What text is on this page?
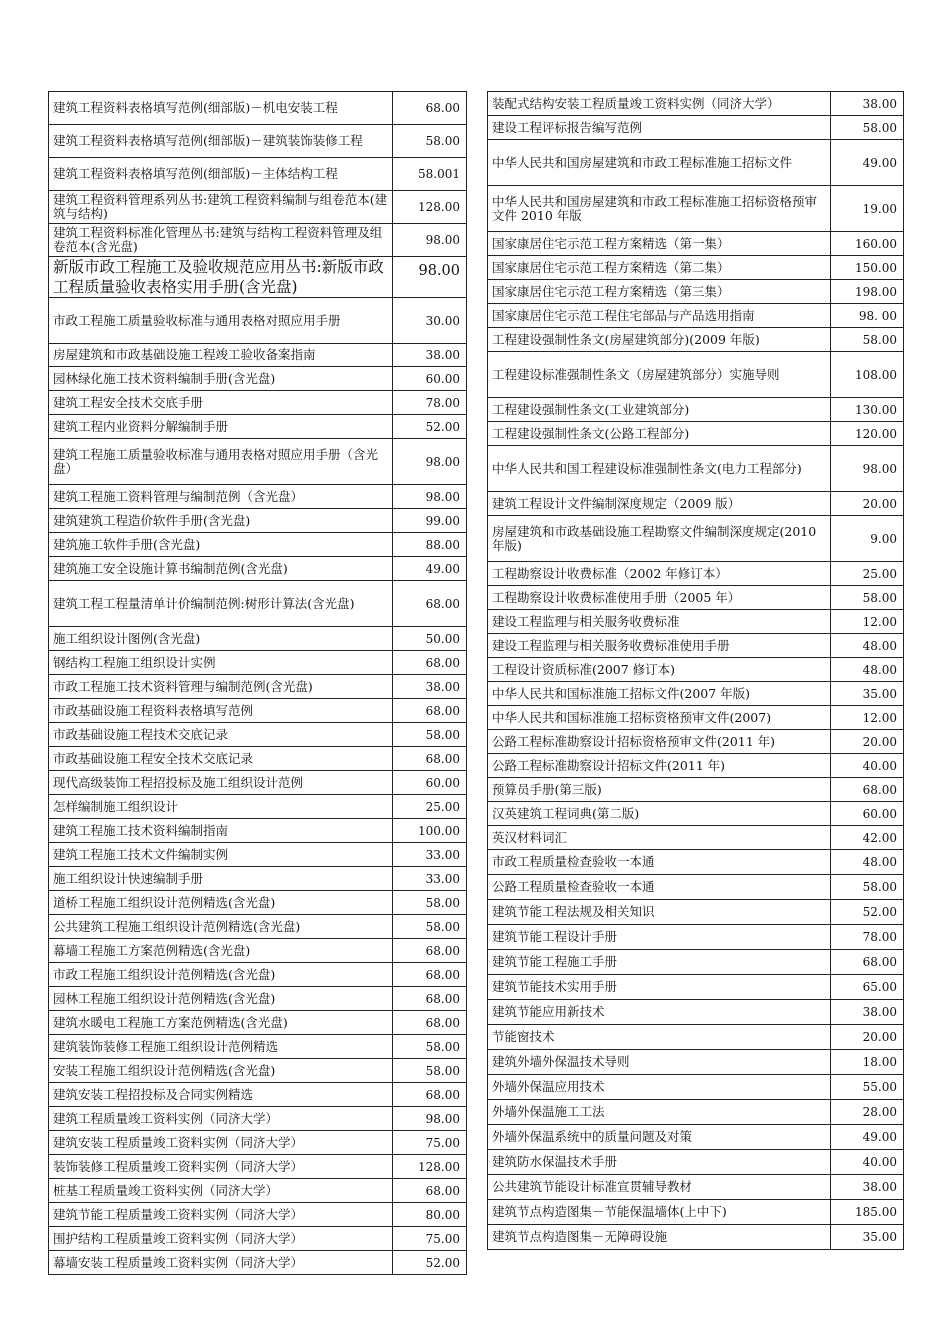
建筑工程资料表格填写范例(细部版)－机电安装工程	68.00
建筑工程资料表格填写范例(细部版)－建筑装饰装修工程	58.00
建筑工程资料表格填写范例(细部版)－主体结构工程	58.001
建筑工程资料管理系列丛书:建筑工程资料编制与组卷范本(建筑与结构)	128.00
建筑工程资料标准化管理丛书:建筑与结构工程资料管理及组卷范本(含光盘)	98.00
新版市政工程施工及验收规范应用丛书:新版市政工程质量验收表格实用手册(含光盘)	98.00
市政工程施工质量验收标准与通用表格对照应用手册	30.00
房屋建筑和市政基础设施工程竣工验收备案指南	38.00
园林绿化施工技术资料编制手册(含光盘)	60.00
建筑工程安全技术交底手册	78.00
建筑工程内业资料分解编制手册	52.00
建筑工程施工质量验收标准与通用表格对照应用手册（含光盘）	98.00
建筑工程施工资料管理与编制范例（含光盘）	98.00
建筑建筑工程造价软件手册(含光盘)	99.00
建筑施工软件手册(含光盘)	88.00
建筑施工安全设施计算书编制范例(含光盘)	49.00
建筑工程工程量清单计价编制范例:树形计算法(含光盘)	68.00
施工组织设计图例(含光盘)	50.00
钢结构工程施工组织设计实例	68.00
市政工程施工技术资料管理与编制范例(含光盘)	38.00
市政基础设施工程资料表格填写范例	68.00
市政基础设施工程技术交底记录	58.00
市政基础设施工程安全技术交底记录	68.00
现代高级装饰工程招投标及施工组织设计范例	60.00
怎样编制施工组织设计	25.00
建筑工程施工技术资料编制指南	100.00
建筑工程施工技术文件编制实例	33.00
施工组织设计快速编制手册	33.00
道桥工程施工组织设计范例精选(含光盘)	58.00
公共建筑工程施工组织设计范例精选(含光盘)	58.00
幕墙工程施工方案范例精选(含光盘)	68.00
市政工程施工组织设计范例精选(含光盘)	68.00
园林工程施工组织设计范例精选(含光盘)	68.00
建筑水暖电工程施工方案范例精选(含光盘)	68.00
建筑装饰装修工程施工组织设计范例精选	58.00
安装工程施工组织设计范例精选(含光盘)	58.00
建筑安装工程招投标及合同实例精选	68.00
建筑工程质量竣工资料实例（同济大学）	98.00
建筑安装工程质量竣工资料实例（同济大学）	75.00
装饰装修工程质量竣工资料实例（同济大学）	128.00
桩基工程质量竣工资料实例（同济大学）	68.00
建筑节能工程质量竣工资料实例（同济大学）	80.00
围护结构工程质量竣工资料实例（同济大学）	75.00
幕墙安装工程质量竣工资料实例（同济大学）	52.00
装配式结构安装工程质量竣工资料实例（同济大学）	38.00
建设工程评标报告编写范例	58.00
中华人民共和国房屋建筑和市政工程标准施工招标文件	49.00
中华人民共和国房屋建筑和市政工程标准施工招标资格预审文件 2010 年版	19.00
国家康居住宅示范工程方案精选（第一集）	160.00
国家康居住宅示范工程方案精选（第二集）	150.00
国家康居住宅示范工程方案精选（第三集）	198.00
国家康居住宅示范工程住宅部品与产品选用指南	98. 00
工程建设强制性条文(房屋建筑部分)(2009 年版)	58.00
工程建设标准强制性条文（房屋建筑部分）实施导则	108.00
工程建设强制性条文(工业建筑部分)	130.00
工程建设强制性条文(公路工程部分)	120.00
中华人民共和国工程建设标准强制性条文(电力工程部分)	98.00
建筑工程设计文件编制深度规定（2009 版）	20.00
房屋建筑和市政基础设施工程勘察文件编制深度规定(2010 年版)	9.00
工程勘察设计收费标准（2002 年修订本）	25.00
工程勘察设计收费标准使用手册（2005 年）	58.00
建设工程监理与相关服务收费标准	12.00
建设工程监理与相关服务收费标准使用手册	48.00
工程设计资质标准(2007 修订本)	48.00
中华人民共和国标准施工招标文件(2007 年版)	35.00
中华人民共和国标准施工招标资格预审文件(2007)	12.00
公路工程标准勘察设计招标资格预审文件(2011 年)	20.00
公路工程标准勘察设计招标文件(2011 年)	40.00
预算员手册(第三版)	68.00
汉英建筑工程词典(第二版)	60.00
英汉材料词汇	42.00
市政工程质量检查验收一本通	48.00
公路工程质量检查验收一本通	58.00
建筑节能工程法规及相关知识	52.00
建筑节能工程设计手册	78.00
建筑节能工程施工手册	68.00
建筑节能技术实用手册	65.00
建筑节能应用新技术	38.00
节能窗技术	20.00
建筑外墙外保温技术导则	18.00
外墙外保温应用技术	55.00
外墙外保温施工工法	28.00
外墙外保温系统中的质量问题及对策	49.00
建筑防水保温技术手册	40.00
公共建筑节能设计标准宣贯辅导教材	38.00
建筑节点构造图集－节能保温墙体(上中下)	185.00
建筑节点构造图集－无障碍设施	35.00
